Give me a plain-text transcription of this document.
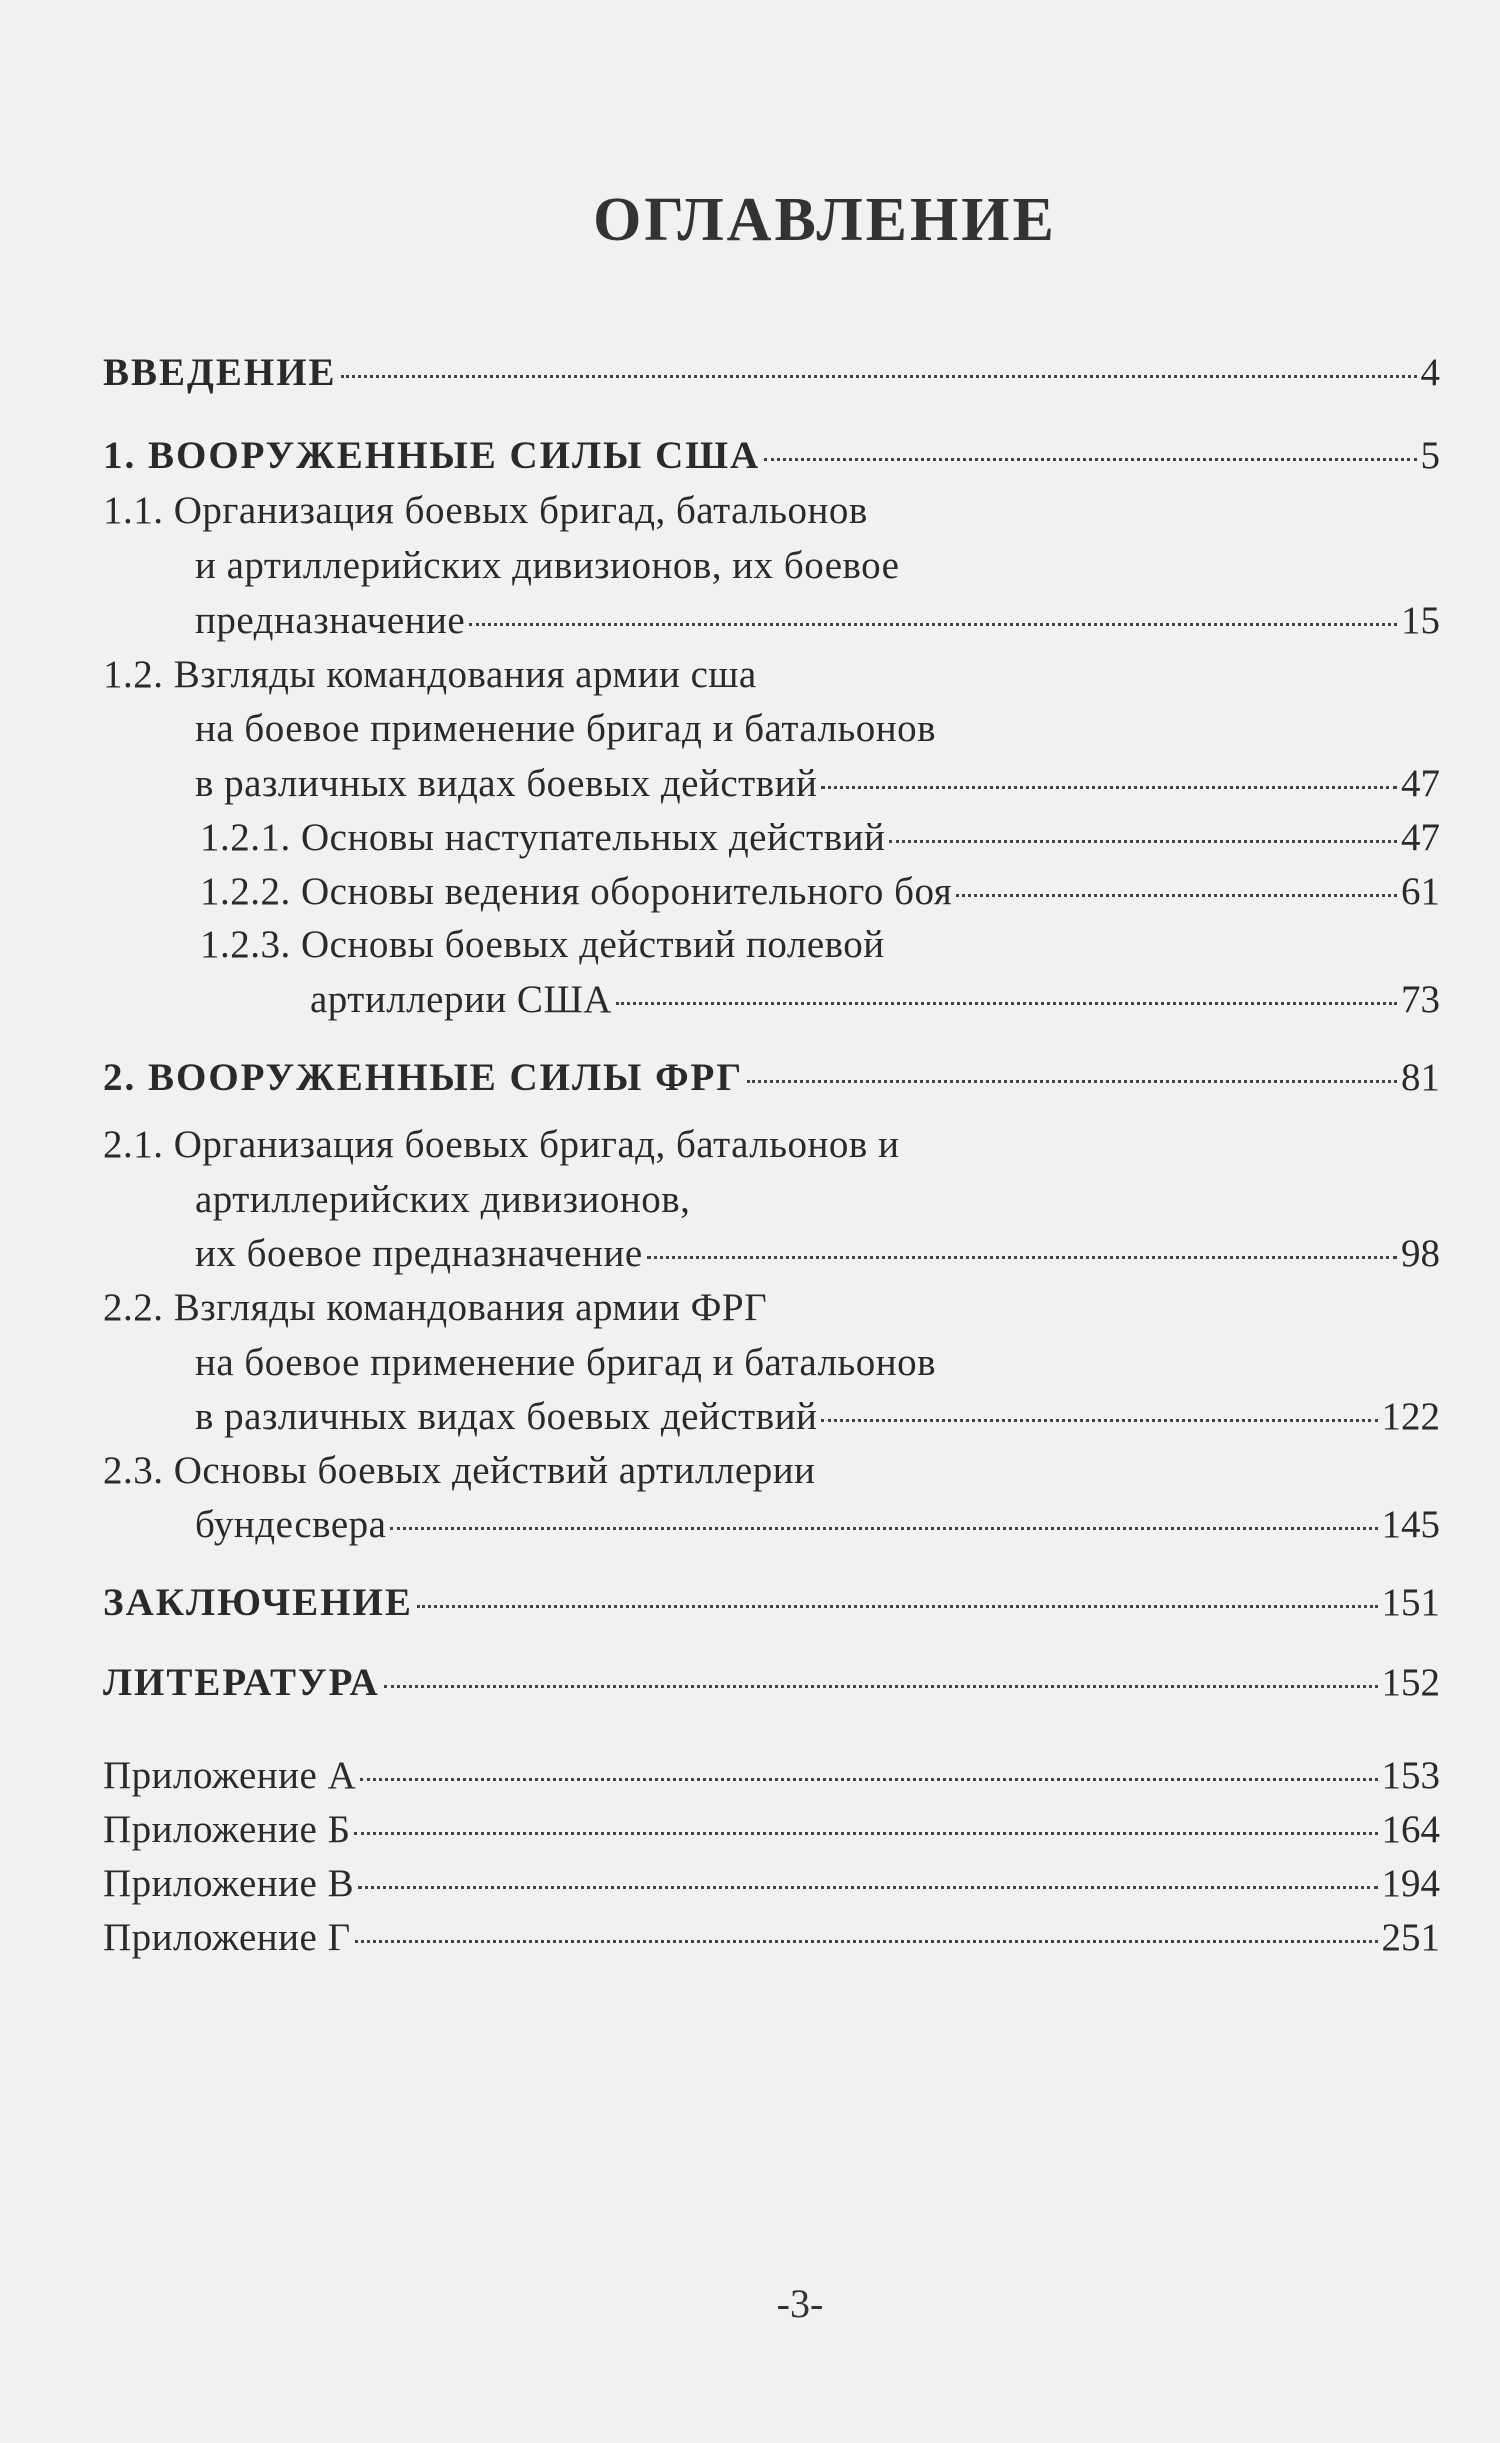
ОГЛАВЛЕНИЕ
ВВЕДЕНИЕ	4
1. ВООРУЖЕННЫЕ СИЛЫ США	5
1.1. Организация боевых бригад, батальонов
и артиллерийских дивизионов, их боевое
предназначение	15
1.2. Взгляды командования армии сша
на боевое применение бригад и батальонов
в различных видах боевых действий	47
1.2.1. Основы наступательных действий	47
1.2.2. Основы ведения оборонительного боя	61
1.2.3. Основы боевых действий полевой
артиллерии США	73
2. ВООРУЖЕННЫЕ СИЛЫ ФРГ	81
2.1. Организация боевых бригад, батальонов и
артиллерийских дивизионов,
их боевое предназначение	98
2.2. Взгляды командования армии ФРГ
на боевое применение бригад и батальонов
в различных видах боевых действий	122
2.3. Основы боевых действий артиллерии
бундесвера	145
ЗАКЛЮЧЕНИЕ	151
ЛИТЕРАТУРА	152
Приложение А	153
Приложение Б	164
Приложение В	194
Приложение Г	251
-3-
